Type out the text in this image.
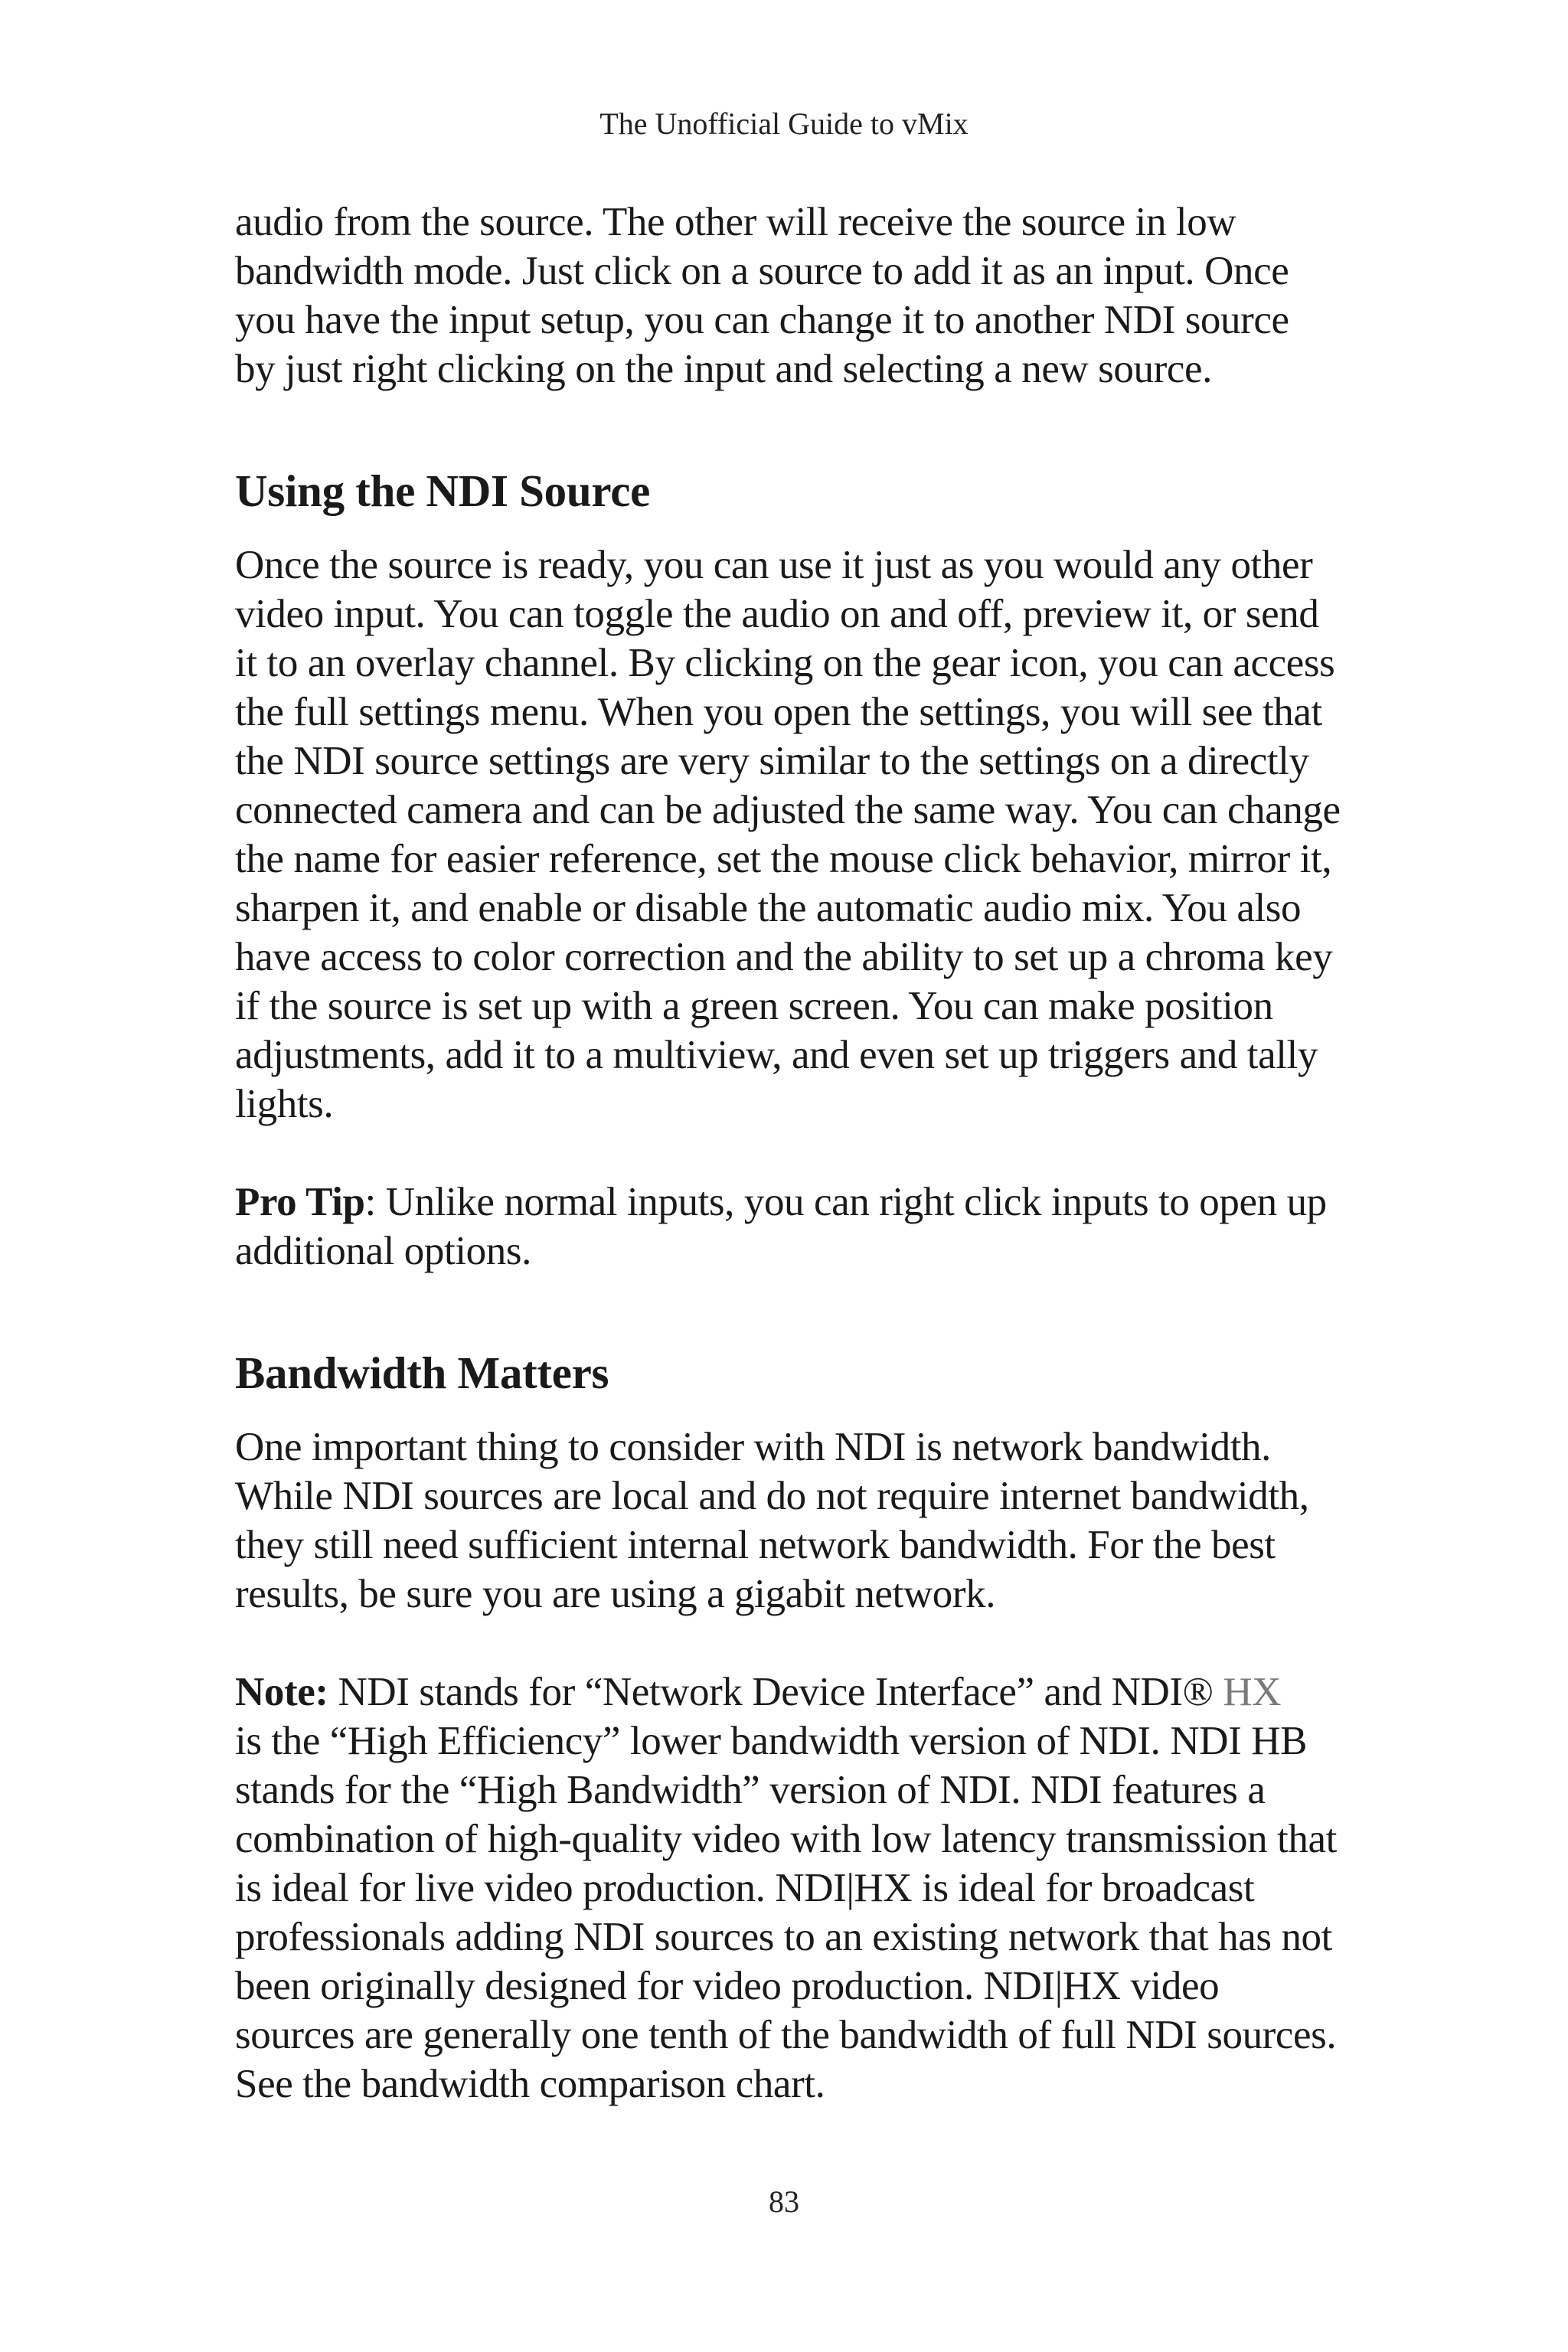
The Unofficial Guide to vMix

audio from the source. The other will receive the source in low
bandwidth mode. Just click on a source to add it as an input. Once
you have the input setup, you can change it to another NDI source
by just right clicking on the input and selecting a new source.

Using the NDI Source

Once the source is ready, you can use it just as you would any other
video input. You can toggle the audio on and off, preview it, or send
it to an overlay channel. By clicking on the gear icon, you can access
the full settings menu. When you open the settings, you will see that
the NDI source settings are very similar to the settings on a directly
connected camera and can be adjusted the same way. You can change
the name for easier reference, set the mouse click behavior, mirror it,
sharpen it, and enable or disable the automatic audio mix. You also
have access to color correction and the ability to set up a chroma key
if the source is set up with a green screen. You can make position
adjustments, add it to a multiview, and even set up triggers and tally
lights.

Pro Tip: Unlike normal inputs, you can right click inputs to open up
additional options.

Bandwidth Matters

One important thing to consider with NDI is network bandwidth.
While NDI sources are local and do not require internet bandwidth,
they still need sufficient internal network bandwidth. For the best
results, be sure you are using a gigabit network.

Note: NDI stands for “Network Device Interface” and NDI® HX
is the “High Efficiency” lower bandwidth version of NDI. NDI HB
stands for the “High Bandwidth” version of NDI. NDI features a
combination of high-quality video with low latency transmission that
is ideal for live video production. NDI|HX is ideal for broadcast
professionals adding NDI sources to an existing network that has not
been originally designed for video production. NDI|HX video
sources are generally one tenth of the bandwidth of full NDI sources.
See the bandwidth comparison chart.

83
